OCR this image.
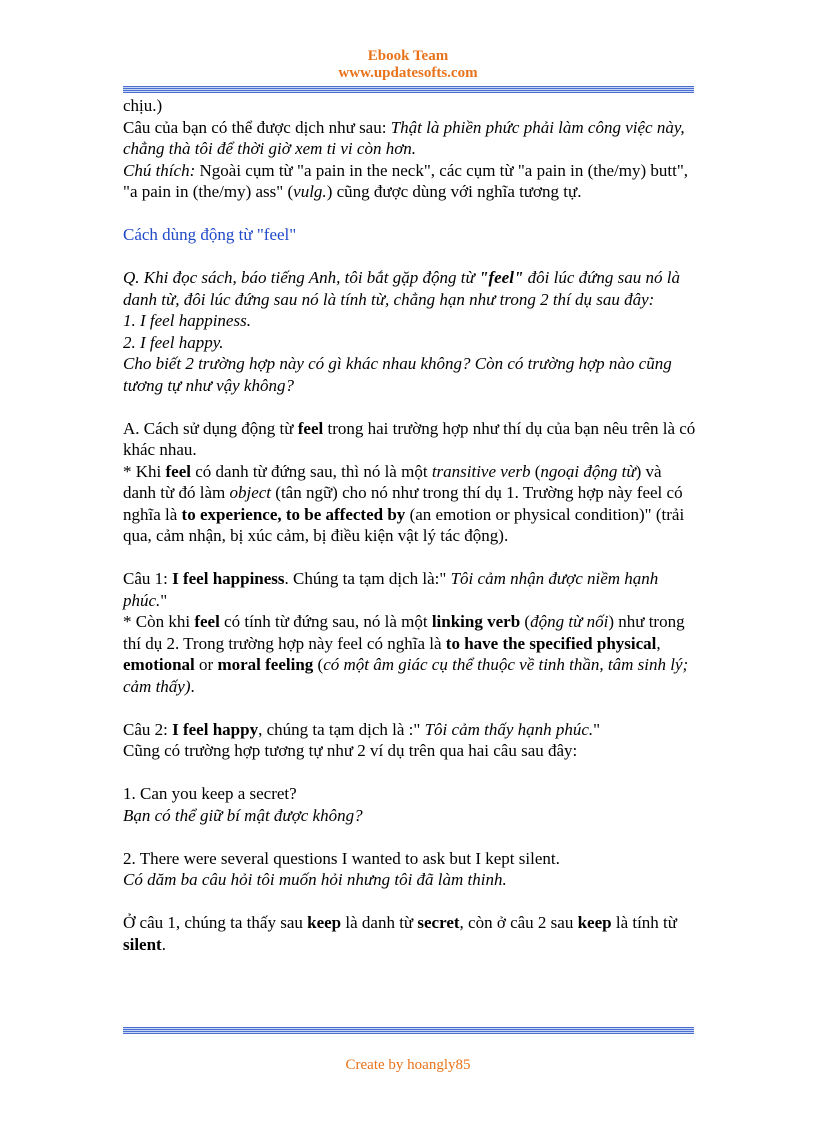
Ebook Team
www.updatesofts.com

chịu.)

Câu của bạn có thể được dịch như sau: Thật là phiền phức phải làm công việc này, chẳng thà tôi để thời giờ xem ti vi còn hơn.

Chú thích: Ngoài cụm từ "a pain in the neck", các cụm từ "a pain in (the/my) butt", "a pain in (the/my) ass" (vulg.) cũng được dùng với nghĩa tương tự.

Cách dùng động từ "feel"

Q. Khi đọc sách, báo tiếng Anh, tôi bắt gặp động từ "feel" đôi lúc đứng sau nó là danh từ, đôi lúc đứng sau nó là tính từ, chẳng hạn như trong 2 thí dụ sau đây:

1. I feel happiness.

2. I feel happy.

Cho biết 2 trường hợp này có gì khác nhau không? Còn có trường hợp nào cũng tương tự như vậy không?

A. Cách sử dụng động từ feel trong hai trường hợp như thí dụ của bạn nêu trên là có khác nhau.

* Khi feel có danh từ đứng sau, thì nó là một transitive verb (ngoại động từ) và danh từ đó làm object (tân ngữ) cho nó như trong thí dụ 1. Trường hợp này feel có nghĩa là to experience, to be affected by (an emotion or physical condition)" (trải qua, cảm nhận, bị xúc cảm, bị điều kiện vật lý tác động).

Câu 1: I feel happiness. Chúng ta tạm dịch là:" Tôi cảm nhận được niềm hạnh phúc."

* Còn khi feel có tính từ đứng sau, nó là một linking verb (động từ nối) như trong thí dụ 2. Trong trường hợp này feel có nghĩa là to have the specified physical, emotional or moral feeling (có một âm giác cụ thể thuộc về tinh thần, tâm sinh lý; cảm thấy).

Câu 2: I feel happy, chúng ta tạm dịch là :" Tôi cảm thấy hạnh phúc."

Cũng có trường hợp tương tự như 2 ví dụ trên qua hai câu sau đây:

1. Can you keep a secret?

Bạn có thể giữ bí mật được không?

2. There were several questions I wanted to ask but I kept silent.

Có dăm ba câu hỏi tôi muốn hỏi nhưng tôi đã làm thinh.

Ở câu 1, chúng ta thấy sau keep là danh từ secret, còn ở câu 2 sau keep là tính từ silent.

Create by hoangly85
